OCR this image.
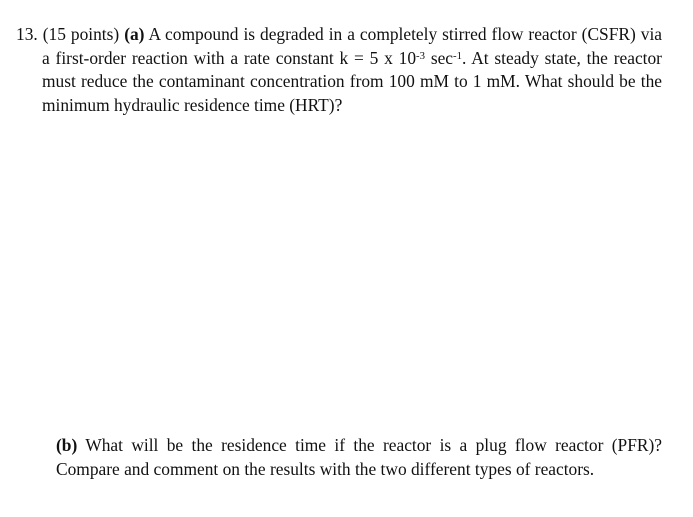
13. (15 points) (a) A compound is degraded in a completely stirred flow reactor (CSFR) via a first-order reaction with a rate constant k = 5 x $10^{-3}$ $\sec^{-1}$. At steady state, the reactor must reduce the contaminant concentration from 100 mM to 1 mM. What should be the minimum hydraulic residence time (HRT)?
(b) What will be the residence time if the reactor is a plug flow reactor (PFR)? Compare and comment on the results with the two different types of reactors.
